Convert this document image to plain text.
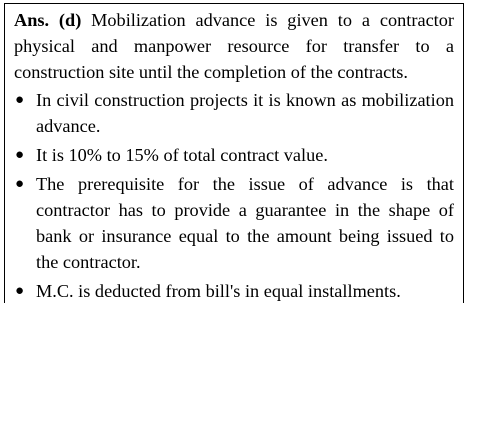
Ans. (d) Mobilization advance is given to a contractor physical and manpower resource for transfer to a construction site until the completion of the contracts.

● In civil construction projects it is known as mobilization advance.
● It is 10% to 15% of total contract value.
● The prerequisite for the issue of advance is that contractor has to provide a guarantee in the shape of bank or insurance equal to the amount being issued to the contractor.
● M.C. is deducted from bill's in equal installments.
